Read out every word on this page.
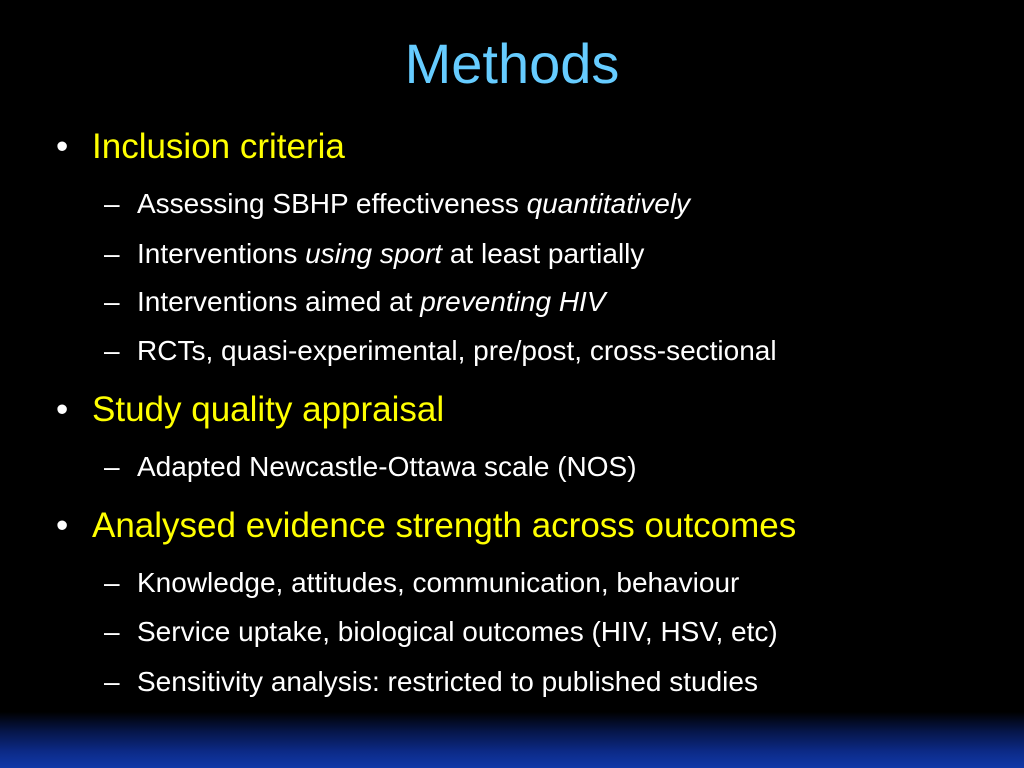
Methods
• Inclusion criteria
– Assessing SBHP effectiveness quantitatively
– Interventions using sport at least partially
– Interventions aimed at preventing HIV
– RCTs, quasi-experimental, pre/post, cross-sectional
• Study quality appraisal
– Adapted Newcastle-Ottawa scale (NOS)
• Analysed evidence strength across outcomes
– Knowledge, attitudes, communication, behaviour
– Service uptake, biological outcomes (HIV, HSV, etc)
– Sensitivity analysis: restricted to published studies
